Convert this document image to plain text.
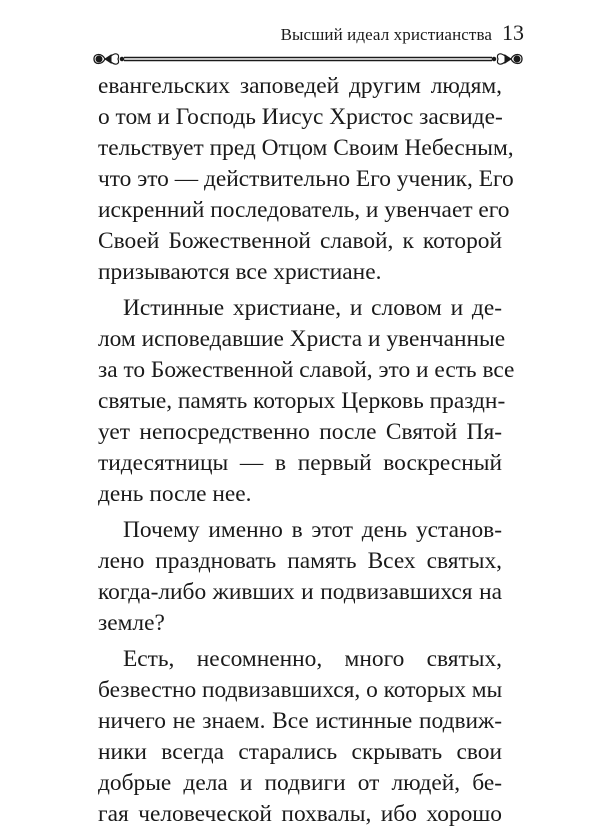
Высший идеал христианства 13
евангельских заповедей другим людям,
о том и Господь Иисус Христос засвиде-
тельствует пред Отцом Своим Небесным,
что это — действительно Его ученик, Его
искренний последователь, и увенчает его
Своей Божественной славой, к которой
призываются все христиане.
Истинные христиане, и словом и де-
лом исповедавшие Христа и увенчанные
за то Божественной славой, это и есть все
святые, память которых Церковь праздн-
ует непосредственно после Святой Пя-
тидесятницы — в первый воскресный
день после нее.
Почему именно в этот день установ-
лено праздновать память Всех святых,
когда-либо живших и подвизавшихся на
земле?
Есть, несомненно, много святых,
безвестно подвизавшихся, о которых мы
ничего не знаем. Все истинные подвиж-
ники всегда старались скрывать свои
добрые дела и подвиги от людей, бе-
гая человеческой похвалы, ибо хорошо
